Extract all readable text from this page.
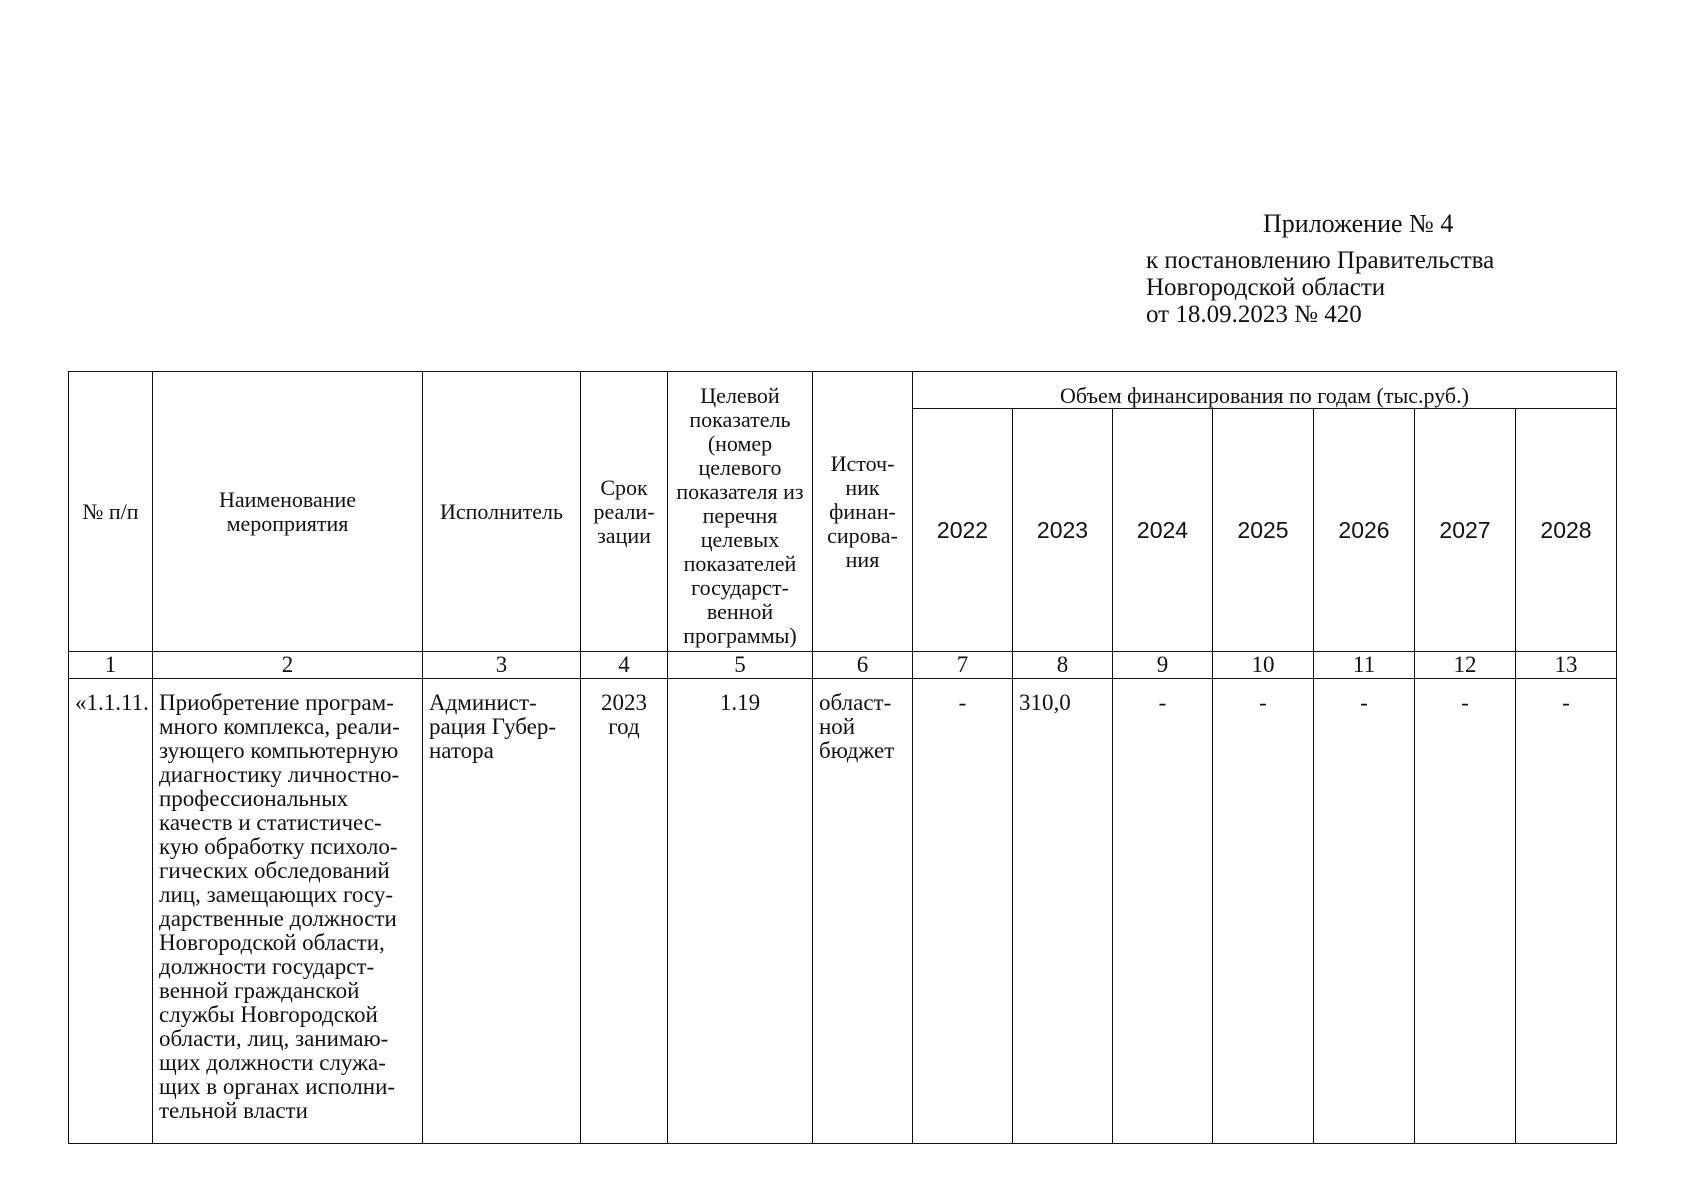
Приложение № 4
к постановлению Правительства
Новгородской области
от 18.09.2023 № 420
№ п/п	Наименование мероприятия	Исполнитель	Срок реали-зации	Целевой показатель (номер целевого показателя из перечня целевых показателей государст-венной программы)	Источ-ник финан-сирова-ния	Объем финансирования по годам (тыс.руб.)						
						2022	2023	2024	2025	2026	2027	2028
1	2	3	4	5	6	7	8	9	10	11	12	13
«1.1.11.	Приобретение програм-много комплекса, реали-зующего компьютерную диагностику личностно-профессиональных качеств и статистичес-кую обработку психоло-гических обследований лиц, замещающих госу-дарственные должности Новгородской области, должности государст-венной гражданской службы Новгородской области, лиц, занимаю-щих должности служа-щих в органах исполни-тельной власти	Админист-рация Губер-натора	2023 год	1.19	област-ной бюджет	-	310,0	-	-	-	-	-
